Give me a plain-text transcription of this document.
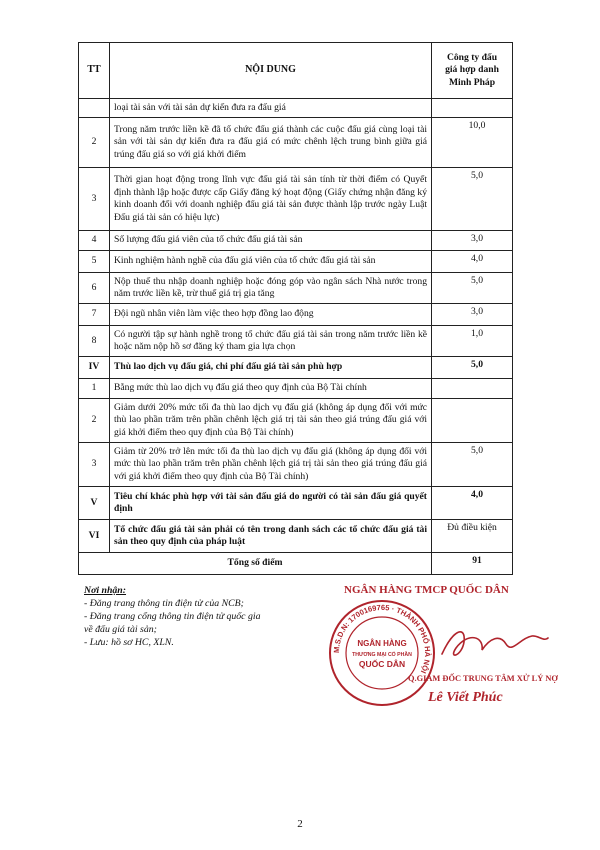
TT	NỘI DUNG	Công ty đấu
giá hợp danh
Minh Pháp

	loại tài sản với tài sản dự kiến đưa ra đấu giá	
2	Trong năm trước liền kề đã tổ chức đấu giá thành các cuộc đấu giá cùng loại tài sản với tài sản dự kiến đưa ra đấu giá có mức chênh lệch trung bình giữa giá trúng đấu giá so với giá khởi điểm	10,0
3	Thời gian hoạt động trong lĩnh vực đấu giá tài sản tính từ thời điểm có Quyết định thành lập hoặc được cấp Giấy đăng ký hoạt động (Giấy chứng nhận đăng ký kinh doanh đối với doanh nghiệp đấu giá tài sản được thành lập trước ngày Luật Đấu giá tài sản có hiệu lực)	5,0
4	Số lượng đấu giá viên của tổ chức đấu giá tài sản	3,0
5	Kinh nghiệm hành nghề của đấu giá viên của tổ chức đấu giá tài sản	4,0
6	Nộp thuế thu nhập doanh nghiệp hoặc đóng góp vào ngân sách Nhà nước trong năm trước liền kề, trừ thuế giá trị gia tăng	5,0
7	Đội ngũ nhân viên làm việc theo hợp đồng lao động	3,0
8	Có người tập sự hành nghề trong tổ chức đấu giá tài sản trong năm trước liền kề hoặc năm nộp hồ sơ đăng ký tham gia lựa chọn	1,0
IV	Thù lao dịch vụ đấu giá, chi phí đấu giá tài sản phù hợp	5,0
1	Bằng mức thù lao dịch vụ đấu giá theo quy định của Bộ Tài chính	
2	Giảm dưới 20% mức tối đa thù lao dịch vụ đấu giá (không áp dụng đối với mức thù lao phần trăm trên phần chênh lệch giá trị tài sản theo giá trúng đấu giá với giá khởi điểm theo quy định của Bộ Tài chính)	
3	Giảm từ 20% trở lên mức tối đa thù lao dịch vụ đấu giá (không áp dụng đối với mức thù lao phần trăm trên phần chênh lệch giá trị tài sản theo giá trúng đấu giá với giá khởi điểm theo quy định của Bộ Tài chính)	5,0
V	Tiêu chí khác phù hợp với tài sản đấu giá do người có tài sản đấu giá quyết định	4,0
VI	Tổ chức đấu giá tài sản phải có tên trong danh sách các tổ chức đấu giá tài sản theo quy định của pháp luật	Đủ điều kiện
Tổng số điểm		91
Nơi nhận:
- Đăng trang thông tin điện tử của NCB;
- Đăng trang cổng thông tin điện tử quốc gia về đấu giá tài sản;
- Lưu: hồ sơ HC, XLN.
NGÂN HÀNG TMCP QUỐC DÂN
M.S.D.N: 1700169765 · THÀNH PHỐ HÀ NỘI
NGÂN HÀNG
THƯƠNG MẠI CỔ PHẦN
QUỐC DÂN
Q.GIÁM ĐỐC TRUNG TÂM XỬ LÝ NỢ
Lê Viết Phúc
2
